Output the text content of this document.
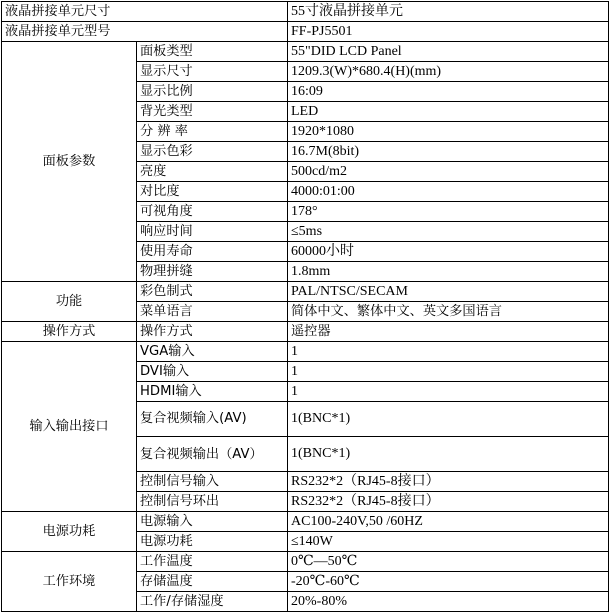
液晶拼接单元尺寸		55寸液晶拼接单元
液晶拼接单元型号		FF-PJ5501
面板参数	面板类型	55"DID LCD Panel
	显示尺寸	1209.3(W)*680.4(H)(mm)
	显示比例	16:09
	背光类型	LED
	分 辨 率	1920*1080
	显示色彩	16.7M(8bit)
	亮度	500cd/m2
	对比度	4000:01:00
	可视角度	178°
	响应时间	≤5ms
	使用寿命	60000小时
	物理拼缝	1.8mm
功能	彩色制式	PAL/NTSC/SECAM
	菜单语言	简体中文、繁体中文、英文多国语言
操作方式	操作方式	遥控器
输入输出接口	VGA输入	1
	DVI输入	1
	HDMI输入	1
	复合视频输入(AV)	1(BNC*1)
	复合视频输出（AV）	1(BNC*1)
	控制信号输入	RS232*2（RJ45-8接口）
	控制信号环出	RS232*2（RJ45-8接口）
电源功耗	电源输入	AC100-240V,50 /60HZ
	电源功耗	≤140W
工作环境	工作温度	0℃—50℃
	存储温度	-20℃-60℃
	工作/存储湿度	20%-80%
